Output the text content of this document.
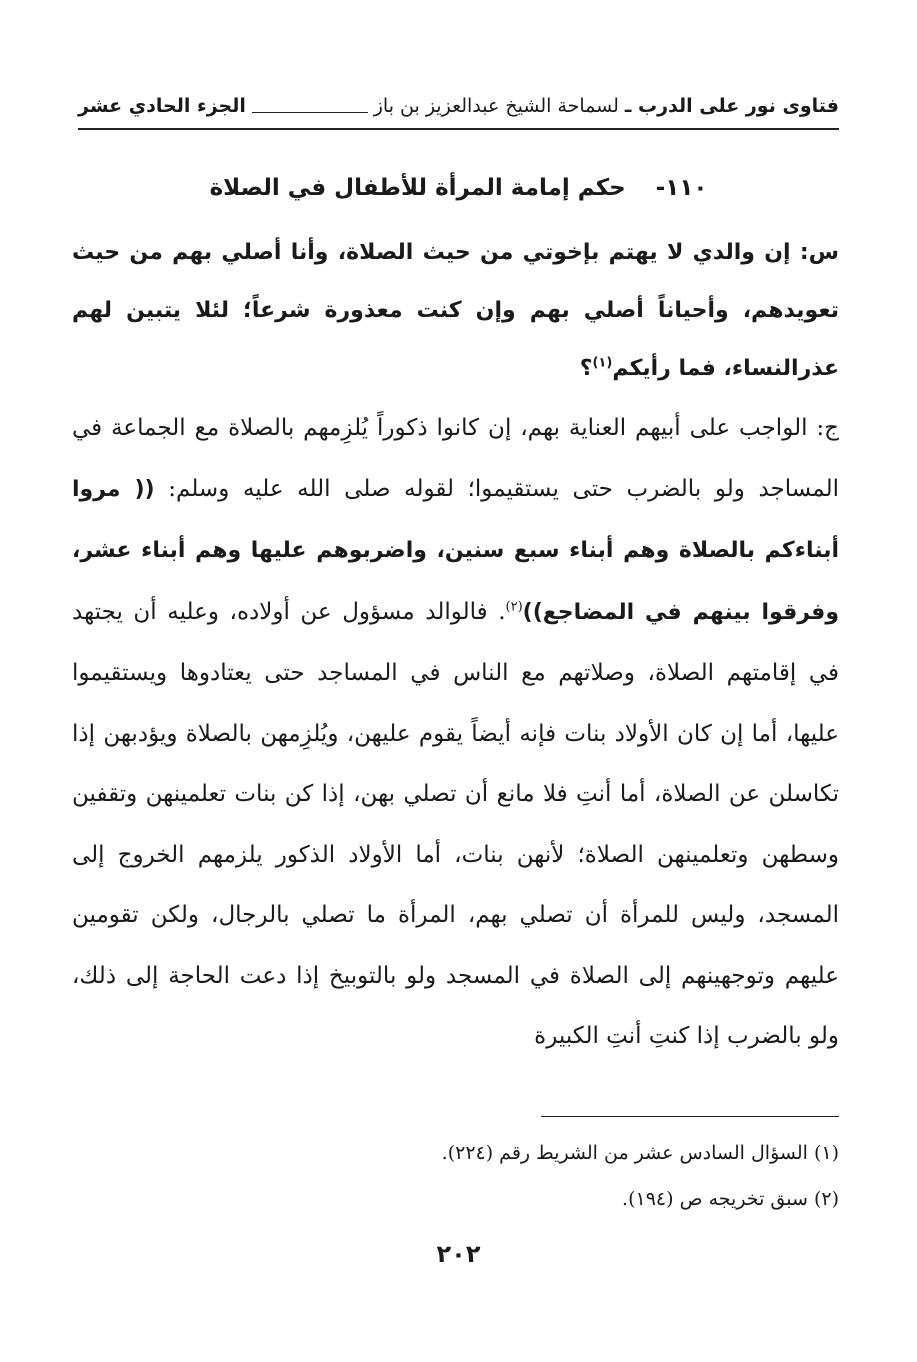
فتاوى نور على الدرب ـ
لسماحة الشيخ عبدالعزيز بن باز
الجزء الحادي عشر
١١٠- حكم إمامة المرأة للأطفال في الصلاة
س: إن والدي لا يهتم بإخوتي من حيث الصلاة، وأنا أصلي بهم من حيث تعويدهم، وأحياناً أصلي بهم وإن كنت معذورة شرعاً؛ لئلا يتبين لهم عذرالنساء، فما رأيكم$^{(١)}$؟
ج: الواجب على أبيهم العناية بهم، إن كانوا ذكوراً يُلزِمهم بالصلاة مع الجماعة في المساجد ولو بالضرب حتى يستقيموا؛ لقوله صلى الله عليه وسلم: (( مروا أبناءكم بالصلاة وهم أبناء سبع سنين، واضربوهم عليها وهم أبناء عشر، وفرقوا بينهم في المضاجع))$^{(٢)}$. فالوالد مسؤول عن أولاده، وعليه أن يجتهد في إقامتهم الصلاة، وصلاتهم مع الناس في المساجد حتى يعتادوها ويستقيموا عليها، أما إن كان الأولاد بنات فإنه أيضاً يقوم عليهن، ويُلزِمهن بالصلاة ويؤدبهن إذا تكاسلن عن الصلاة، أما أنتِ فلا مانع أن تصلي بهن، إذا كن بنات تعلمينهن وتقفين وسطهن وتعلمينهن الصلاة؛ لأنهن بنات، أما الأولاد الذكور يلزمهم الخروج إلى المسجد، وليس للمرأة أن تصلي بهم، المرأة ما تصلي بالرجال، ولكن تقومين عليهم وتوجهينهم إلى الصلاة في المسجد ولو بالتوبيخ إذا دعت الحاجة إلى ذلك، ولو بالضرب إذا كنتِ أنتِ الكبيرة
(١) السؤال السادس عشر من الشريط رقم (٢٢٤).
(٢) سبق تخريجه ص (١٩٤).
٢٠٢
